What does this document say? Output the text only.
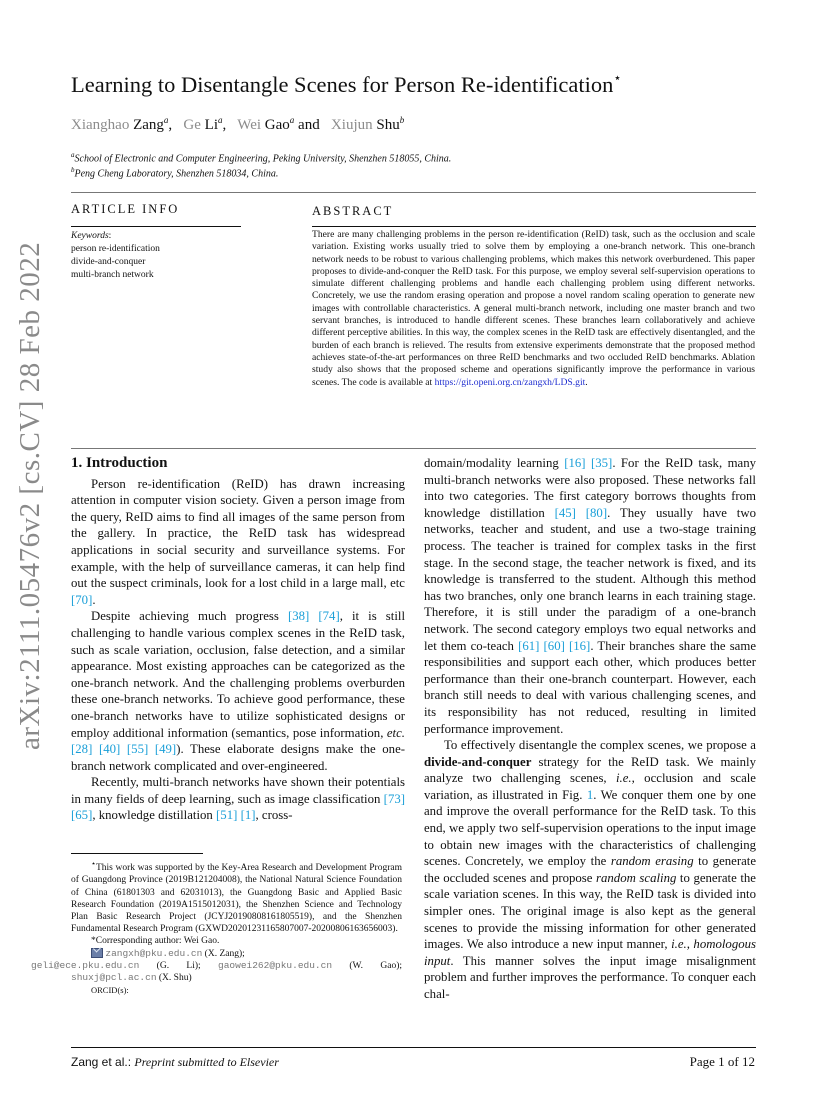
arXiv:2111.05476v2 [cs.CV] 28 Feb 2022
Learning to Disentangle Scenes for Person Re-identification⋆
Xianghao Zang$^a$,   Ge Li$^a$,   Wei Gao$^a$ and   Xiujun Shu$^b$
$^a$School of Electronic and Computer Engineering, Peking University, Shenzhen 518055, China.
$^b$Peng Cheng Laboratory, Shenzhen 518034, China.
ARTICLE INFO
Keywords:
person re-identification
divide-and-conquer
multi-branch network
ABSTRACT
There are many challenging problems in the person re-identification (ReID) task, such as the occlusion and scale variation. Existing works usually tried to solve them by employing a one-branch network. This one-branch network needs to be robust to various challenging problems, which makes this network overburdened. This paper proposes to divide-and-conquer the ReID task. For this purpose, we employ several self-supervision operations to simulate different challenging problems and handle each challenging problem using different networks. Concretely, we use the random erasing operation and propose a novel random scaling operation to generate new images with controllable characteristics. A general multi-branch network, including one master branch and two servant branches, is introduced to handle different scenes. These branches learn collaboratively and achieve different perceptive abilities. In this way, the complex scenes in the ReID task are effectively disentangled, and the burden of each branch is relieved. The results from extensive experiments demonstrate that the proposed method achieves state-of-the-art performances on three ReID benchmarks and two occluded ReID benchmarks. Ablation study also shows that the proposed scheme and operations significantly improve the performance in various scenes. The code is available at https://git.openi.org.cn/zangxh/LDS.git.
1. Introduction

Person re-identification (ReID) has drawn increasing attention in computer vision society. Given a person image from the query, ReID aims to find all images of the same person from the gallery. In practice, the ReID task has widespread applications in social security and surveillance systems. For example, with the help of surveillance cameras, it can help find out the suspect criminals, look for a lost child in a large mall, etc [70].

Despite achieving much progress [38] [74], it is still challenging to handle various complex scenes in the ReID task, such as scale variation, occlusion, false detection, and a similar appearance. Most existing approaches can be categorized as the one-branch network. And the challenging problems overburden these one-branch networks. To achieve good performance, these one-branch networks have to utilize sophisticated designs or employ additional information (semantics, pose information, etc. [28] [40] [55] [49]). These elaborate designs make the one-branch network complicated and over-engineered.

Recently, multi-branch networks have shown their potentials in many fields of deep learning, such as image classification [73] [65], knowledge distillation [51] [1], cross-

⋆This work was supported by the Key-Area Research and Development Program of Guangdong Province (2019B121204008), the National Natural Science Foundation of China (61801303 and 62031013), the Guangdong Basic and Applied Basic Research Foundation (2019A1515012031), the Shenzhen Science and Technology Plan Basic Research Project (JCYJ20190808161805519), and the Shenzhen Fundamental Research Program (GXWD20201231165807007-20200806163656003).

*Corresponding author: Wei Gao.

zangxh@pku.edu.cn (X. Zang);
geli@ece.pku.edu.cn (G. Li); gaowei262@pku.edu.cn (W. Gao); shuxj@pcl.ac.cn (X. Shu)

ORCID(s):

domain/modality learning [16] [35]. For the ReID task, many multi-branch networks were also proposed. These networks fall into two categories. The first category borrows thoughts from knowledge distillation [45] [80]. They usually have two networks, teacher and student, and use a two-stage training process. The teacher is trained for complex tasks in the first stage. In the second stage, the teacher network is fixed, and its knowledge is transferred to the student. Although this method has two branches, only one branch learns in each training stage. Therefore, it is still under the paradigm of a one-branch network. The second category employs two equal networks and let them co-teach [61] [60] [16]. Their branches share the same responsibilities and support each other, which produces better performance than their one-branch counterpart. However, each branch still needs to deal with various challenging scenes, and its responsibility has not reduced, resulting in limited performance improvement.

To effectively disentangle the complex scenes, we propose a divide-and-conquer strategy for the ReID task. We mainly analyze two challenging scenes, i.e., occlusion and scale variation, as illustrated in Fig. 1. We conquer them one by one and improve the overall performance for the ReID task. To this end, we apply two self-supervision operations to the input image to obtain new images with the characteristics of challenging scenes. Concretely, we employ the random erasing to generate the occluded scenes and propose random scaling to generate the scale variation scenes. In this way, the ReID task is divided into simpler ones. The original image is also kept as the general scenes to provide the missing information for other generated images. We also introduce a new input manner, i.e., homologous input. This manner solves the input image misalignment problem and further improves the performance. To conquer each chal-

Zang et al.: Preprint submitted to Elsevier	Page 1 of 12
